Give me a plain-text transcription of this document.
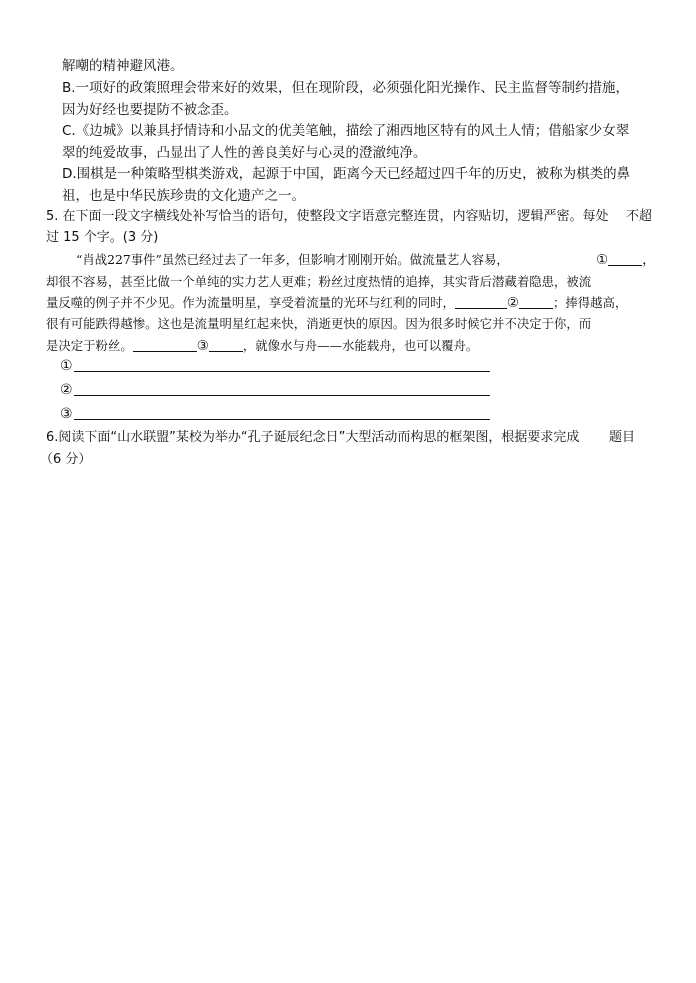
解嘲的精神避风港。
B.一项好的政策照理会带来好的效果，但在现阶段，必须强化阳光操作、民主监督等制约措施，
因为好经也要提防不被念歪。
C.《边城》以兼具抒情诗和小品文的优美笔触，描绘了湘西地区特有的风土人情；借船家少女翠
翠的纯爱故事，凸显出了人性的善良美好与心灵的澄澈纯净。
D.围棋是一种策略型棋类游戏，起源于中国，距离今天已经超过四千年的历史，被称为棋类的鼻
祖，也是中华民族珍贵的文化遗产之一。
5. 在下面一段文字横线处补写恰当的语句，使整段文字语意完整连贯，内容贴切，逻辑严密。每处 不超
过 15 个字。(3 分)
“肖战227事件”虽然已经过去了一年多，但影响才刚刚开始。做流量艺人容易，	①	，
却很不容易，甚至比做一个单纯的实力艺人更难；粉丝过度热情的追捧，其实背后潜藏着隐患，被流
量反噬的例子并不少见。作为流量明星，享受着流量的光环与红利的同时，	②	；捧得越高，
很有可能跌得越惨。这也是流量明星红起来快，消逝更快的原因。因为很多时候它并不决定于你，而
是决定于粉丝。	③	，就像水与舟——水能载舟，也可以覆舟。
①
②
③
6.阅读下面“山水联盟”某校为举办“孔子诞辰纪念日”大型活动而构思的框架图，根据要求完成 题目
（6 分）
